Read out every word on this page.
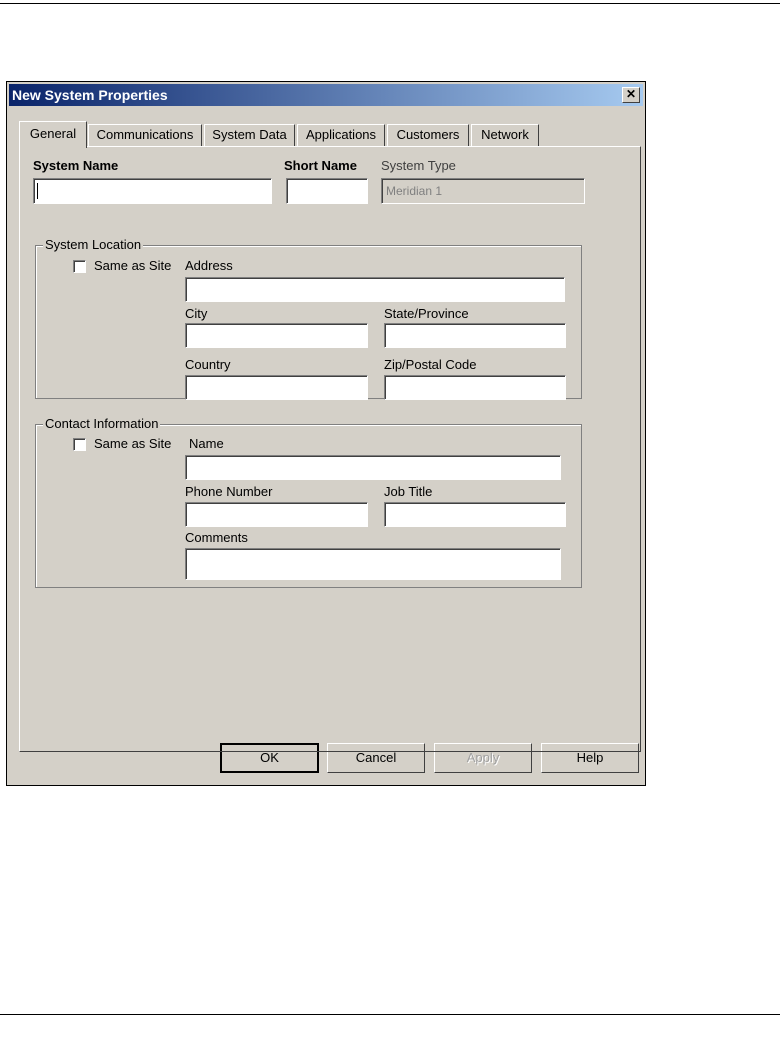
New System Properties	✕
General	Communications	System Data	Applications	Customers	Network
System Name	Short Name System Type
Meridian 1
System Location
Same as Site Address
City	State/Province
Country	Zip/Postal Code
Contact Information
Same as Site Name
Phone Number	Job Title
Comments
OK	Cancel	Apply	Help
